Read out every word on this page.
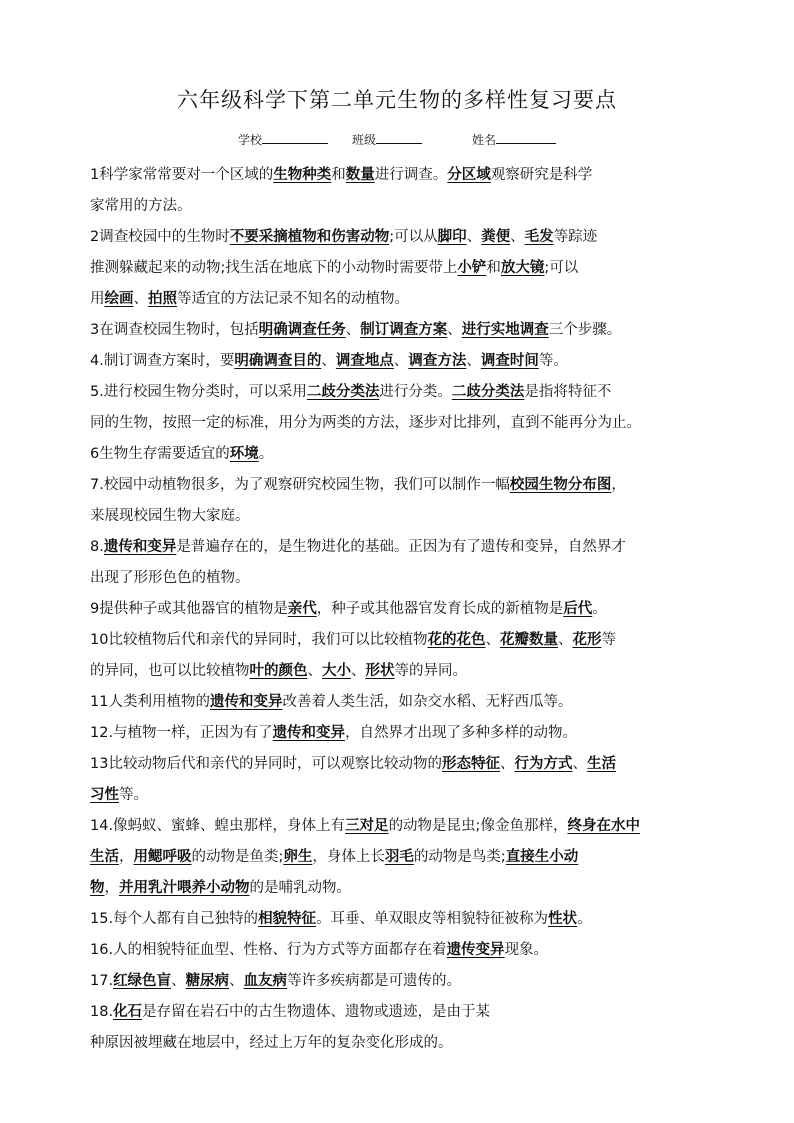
六年级科学下第二单元生物的多样性复习要点
学校	班级	姓名
1科学家常常要对一个区域的生物种类和数量进行调查。分区域观察研究是科学
家常用的方法。
2调查校园中的生物时不要采摘植物和伤害动物;可以从脚印、粪便、毛发等踪迹
推测躲藏起来的动物;找生活在地底下的小动物时需要带上小铲和放大镜;可以
用绘画、拍照等适宜的方法记录不知名的动植物。
3在调查校园生物时，包括明确调查任务、制订调查方案、进行实地调查三个步骤。
4.制订调查方案时，要明确调查目的、调查地点、调查方法、调查时间等。
5.进行校园生物分类时，可以采用二歧分类法进行分类。二歧分类法是指将特征不
同的生物，按照一定的标准，用分为两类的方法，逐步对比排列，直到不能再分为止。
6生物生存需要适宜的环境。
7.校园中动植物很多，为了观察研究校园生物，我们可以制作一幅校园生物分布图，
来展现校园生物大家庭。
8.遗传和变异是普遍存在的，是生物进化的基础。正因为有了遗传和变异，自然界才
出现了形形色色的植物。
9提供种子或其他器官的植物是亲代，种子或其他器官发育长成的新植物是后代。
10比较植物后代和亲代的异同时，我们可以比较植物花的花色、花瓣数量、花形等
的异同，也可以比较植物叶的颜色、大小、形状等的异同。
11人类利用植物的遗传和变异改善着人类生活，如杂交水稻、无籽西瓜等。
12.与植物一样，正因为有了遗传和变异，自然界才出现了多种多样的动物。
13比较动物后代和亲代的异同时，可以观察比较动物的形态特征、行为方式、生活
习性等。
14.像蚂蚁、蜜蜂、蝗虫那样，身体上有三对足的动物是昆虫;像金鱼那样，终身在水中
生活，用鳃呼吸的动物是鱼类;卵生，身体上长羽毛的动物是鸟类;直接生小动
物，并用乳汁喂养小动物的是哺乳动物。
15.每个人都有自己独特的相貌特征。耳垂、单双眼皮等相貌特征被称为性状。
16.人的相貌特征血型、性格、行为方式等方面都存在着遗传变异现象。
17.红绿色盲、糖尿病、血友病等许多疾病都是可遗传的。
18.化石是存留在岩石中的古生物遗体、遗物或遗迹，是由于某
种原因被埋藏在地层中，经过上万年的复杂变化形成的。
